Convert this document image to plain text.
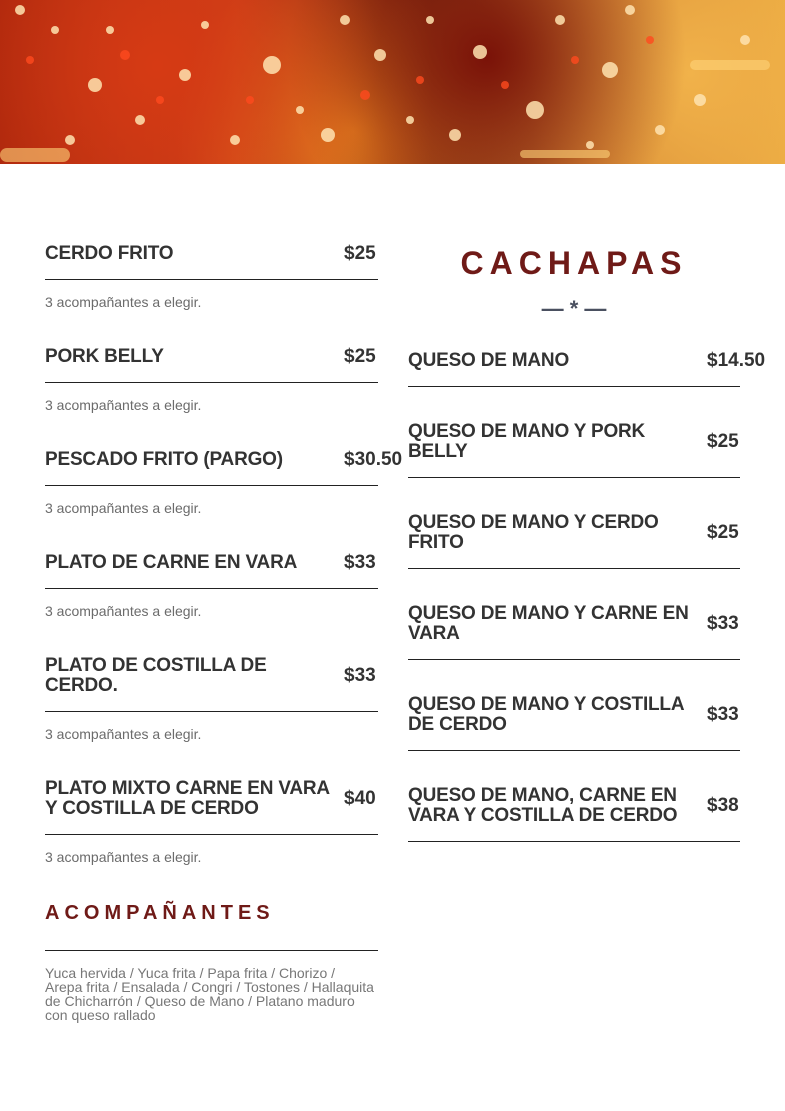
CERDO FRITO	$25
3 acompañantes a elegir.
PORK BELLY	$25
3 acompañantes a elegir.
PESCADO FRITO (PARGO)	$30.50
3 acompañantes a elegir.
PLATO DE CARNE EN VARA	$33
3 acompañantes a elegir.
PLATO DE COSTILLA DE CERDO.	$33
3 acompañantes a elegir.
PLATO MIXTO CARNE EN VARA Y COSTILLA DE CERDO	$40
3 acompañantes a elegir.
ACOMPAÑANTES
Yuca hervida / Yuca frita / Papa frita / Chorizo / Arepa frita / Ensalada / Congri / Tostones / Hallaquita de Chicharrón / Queso de Mano / Platano maduro con queso rallado
CACHAPAS
— * —
QUESO DE MANO	$14.50
QUESO DE MANO Y PORK BELLY	$25
QUESO DE MANO Y CERDO FRITO	$25
QUESO DE MANO Y CARNE EN VARA	$33
QUESO DE MANO Y COSTILLA DE CERDO	$33
QUESO DE MANO, CARNE EN VARA Y COSTILLA DE CERDO	$38
